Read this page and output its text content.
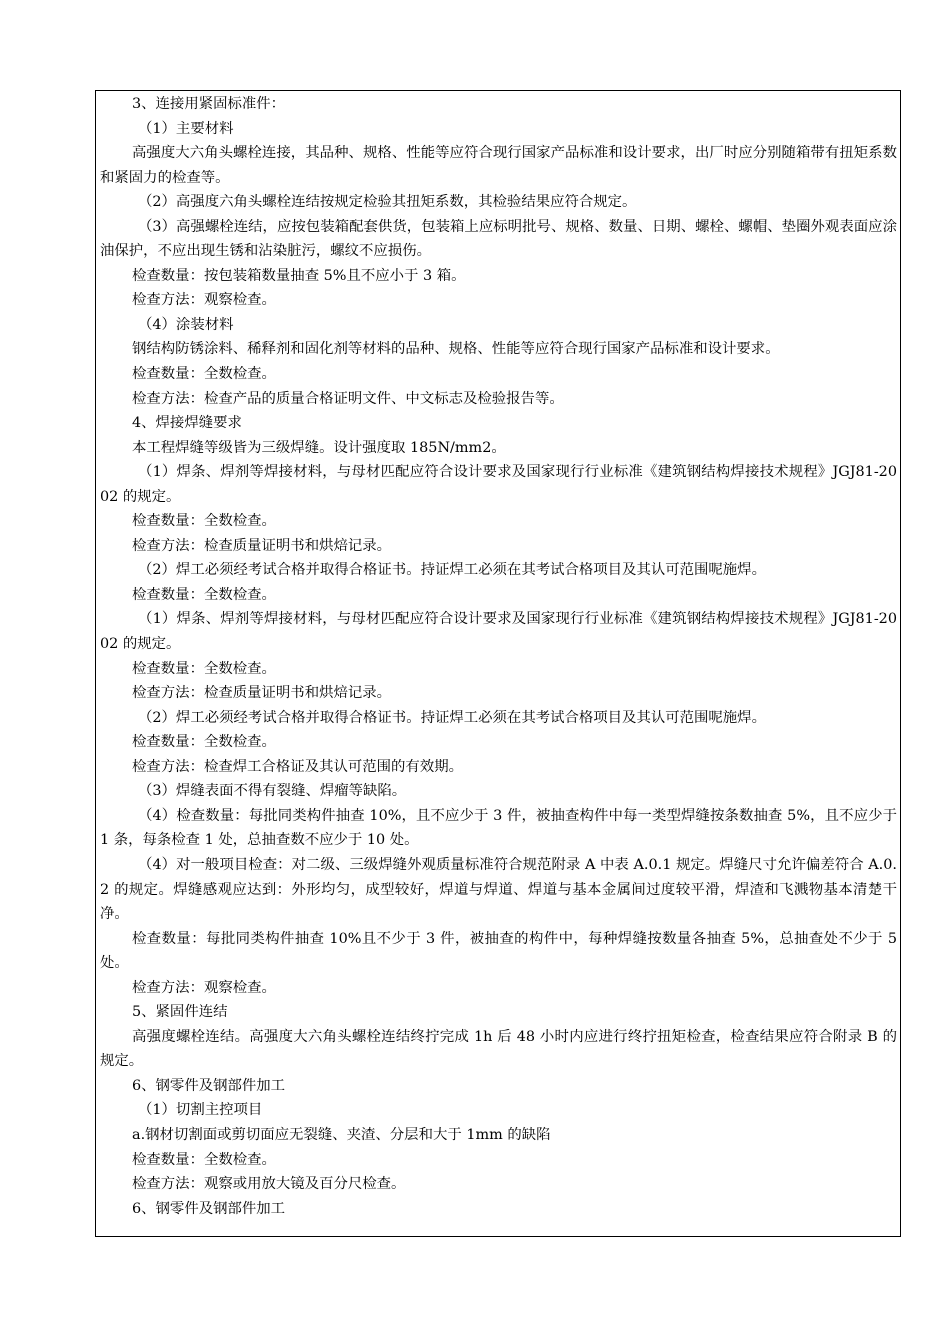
3、连接用紧固标准件：

（1）主要材料

高强度大六角头螺栓连接，其品种、规格、性能等应符合现行国家产品标准和设计要求，出厂时应分别随箱带有扭矩系数和紧固力的检查等。

（2）高强度六角头螺栓连结按规定检验其扭矩系数，其检验结果应符合规定。

（3）高强螺栓连结，应按包装箱配套供货，包装箱上应标明批号、规格、数量、日期、螺栓、螺帽、垫圈外观表面应涂油保护，不应出现生锈和沾染脏污，螺纹不应损伤。

检查数量：按包装箱数量抽查 5%且不应小于 3 箱。

检查方法：观察检查。

（4）涂装材料

钢结构防锈涂料、稀释剂和固化剂等材料的品种、规格、性能等应符合现行国家产品标准和设计要求。

检查数量：全数检查。

检查方法：检查产品的质量合格证明文件、中文标志及检验报告等。

4、焊接焊缝要求

本工程焊缝等级皆为三级焊缝。设计强度取 185N/mm2。

（1）焊条、焊剂等焊接材料，与母材匹配应符合设计要求及国家现行行业标准《建筑钢结构焊接技术规程》JGJ81-2002 的规定。

检查数量：全数检查。

检查方法：检查质量证明书和烘焙记录。

（2）焊工必须经考试合格并取得合格证书。持证焊工必须在其考试合格项目及其认可范围呢施焊。

检查数量：全数检查。

（1）焊条、焊剂等焊接材料，与母材匹配应符合设计要求及国家现行行业标准《建筑钢结构焊接技术规程》JGJ81-2002 的规定。

检查数量：全数检查。

检查方法：检查质量证明书和烘焙记录。

（2）焊工必须经考试合格并取得合格证书。持证焊工必须在其考试合格项目及其认可范围呢施焊。

检查数量：全数检查。

检查方法：检查焊工合格证及其认可范围的有效期。

（3）焊缝表面不得有裂缝、焊瘤等缺陷。

（4）检查数量：每批同类构件抽查 10%，且不应少于 3 件，被抽查构件中每一类型焊缝按条数抽查 5%，且不应少于 1 条，每条检查 1 处，总抽查数不应少于 10 处。

（4）对一般项目检查：对二级、三级焊缝外观质量标准符合规范附录 A 中表 A.0.1 规定。焊缝尺寸允许偏差符合 A.0.2 的规定。焊缝感观应达到：外形均匀，成型较好，焊道与焊道、焊道与基本金属间过度较平滑，焊渣和飞溅物基本清楚干净。

检查数量：每批同类构件抽查 10%且不少于 3 件，被抽查的构件中，每种焊缝按数量各抽查 5%，总抽查处不少于 5 处。

检查方法：观察检查。

5、紧固件连结

高强度螺栓连结。高强度大六角头螺栓连结终拧完成 1h 后 48 小时内应进行终拧扭矩检查，检查结果应符合附录 B 的规定。

6、钢零件及钢部件加工

（1）切割主控项目

a.钢材切割面或剪切面应无裂缝、夹渣、分层和大于 1mm 的缺陷

检查数量：全数检查。

检查方法：观察或用放大镜及百分尺检查。

6、钢零件及钢部件加工
